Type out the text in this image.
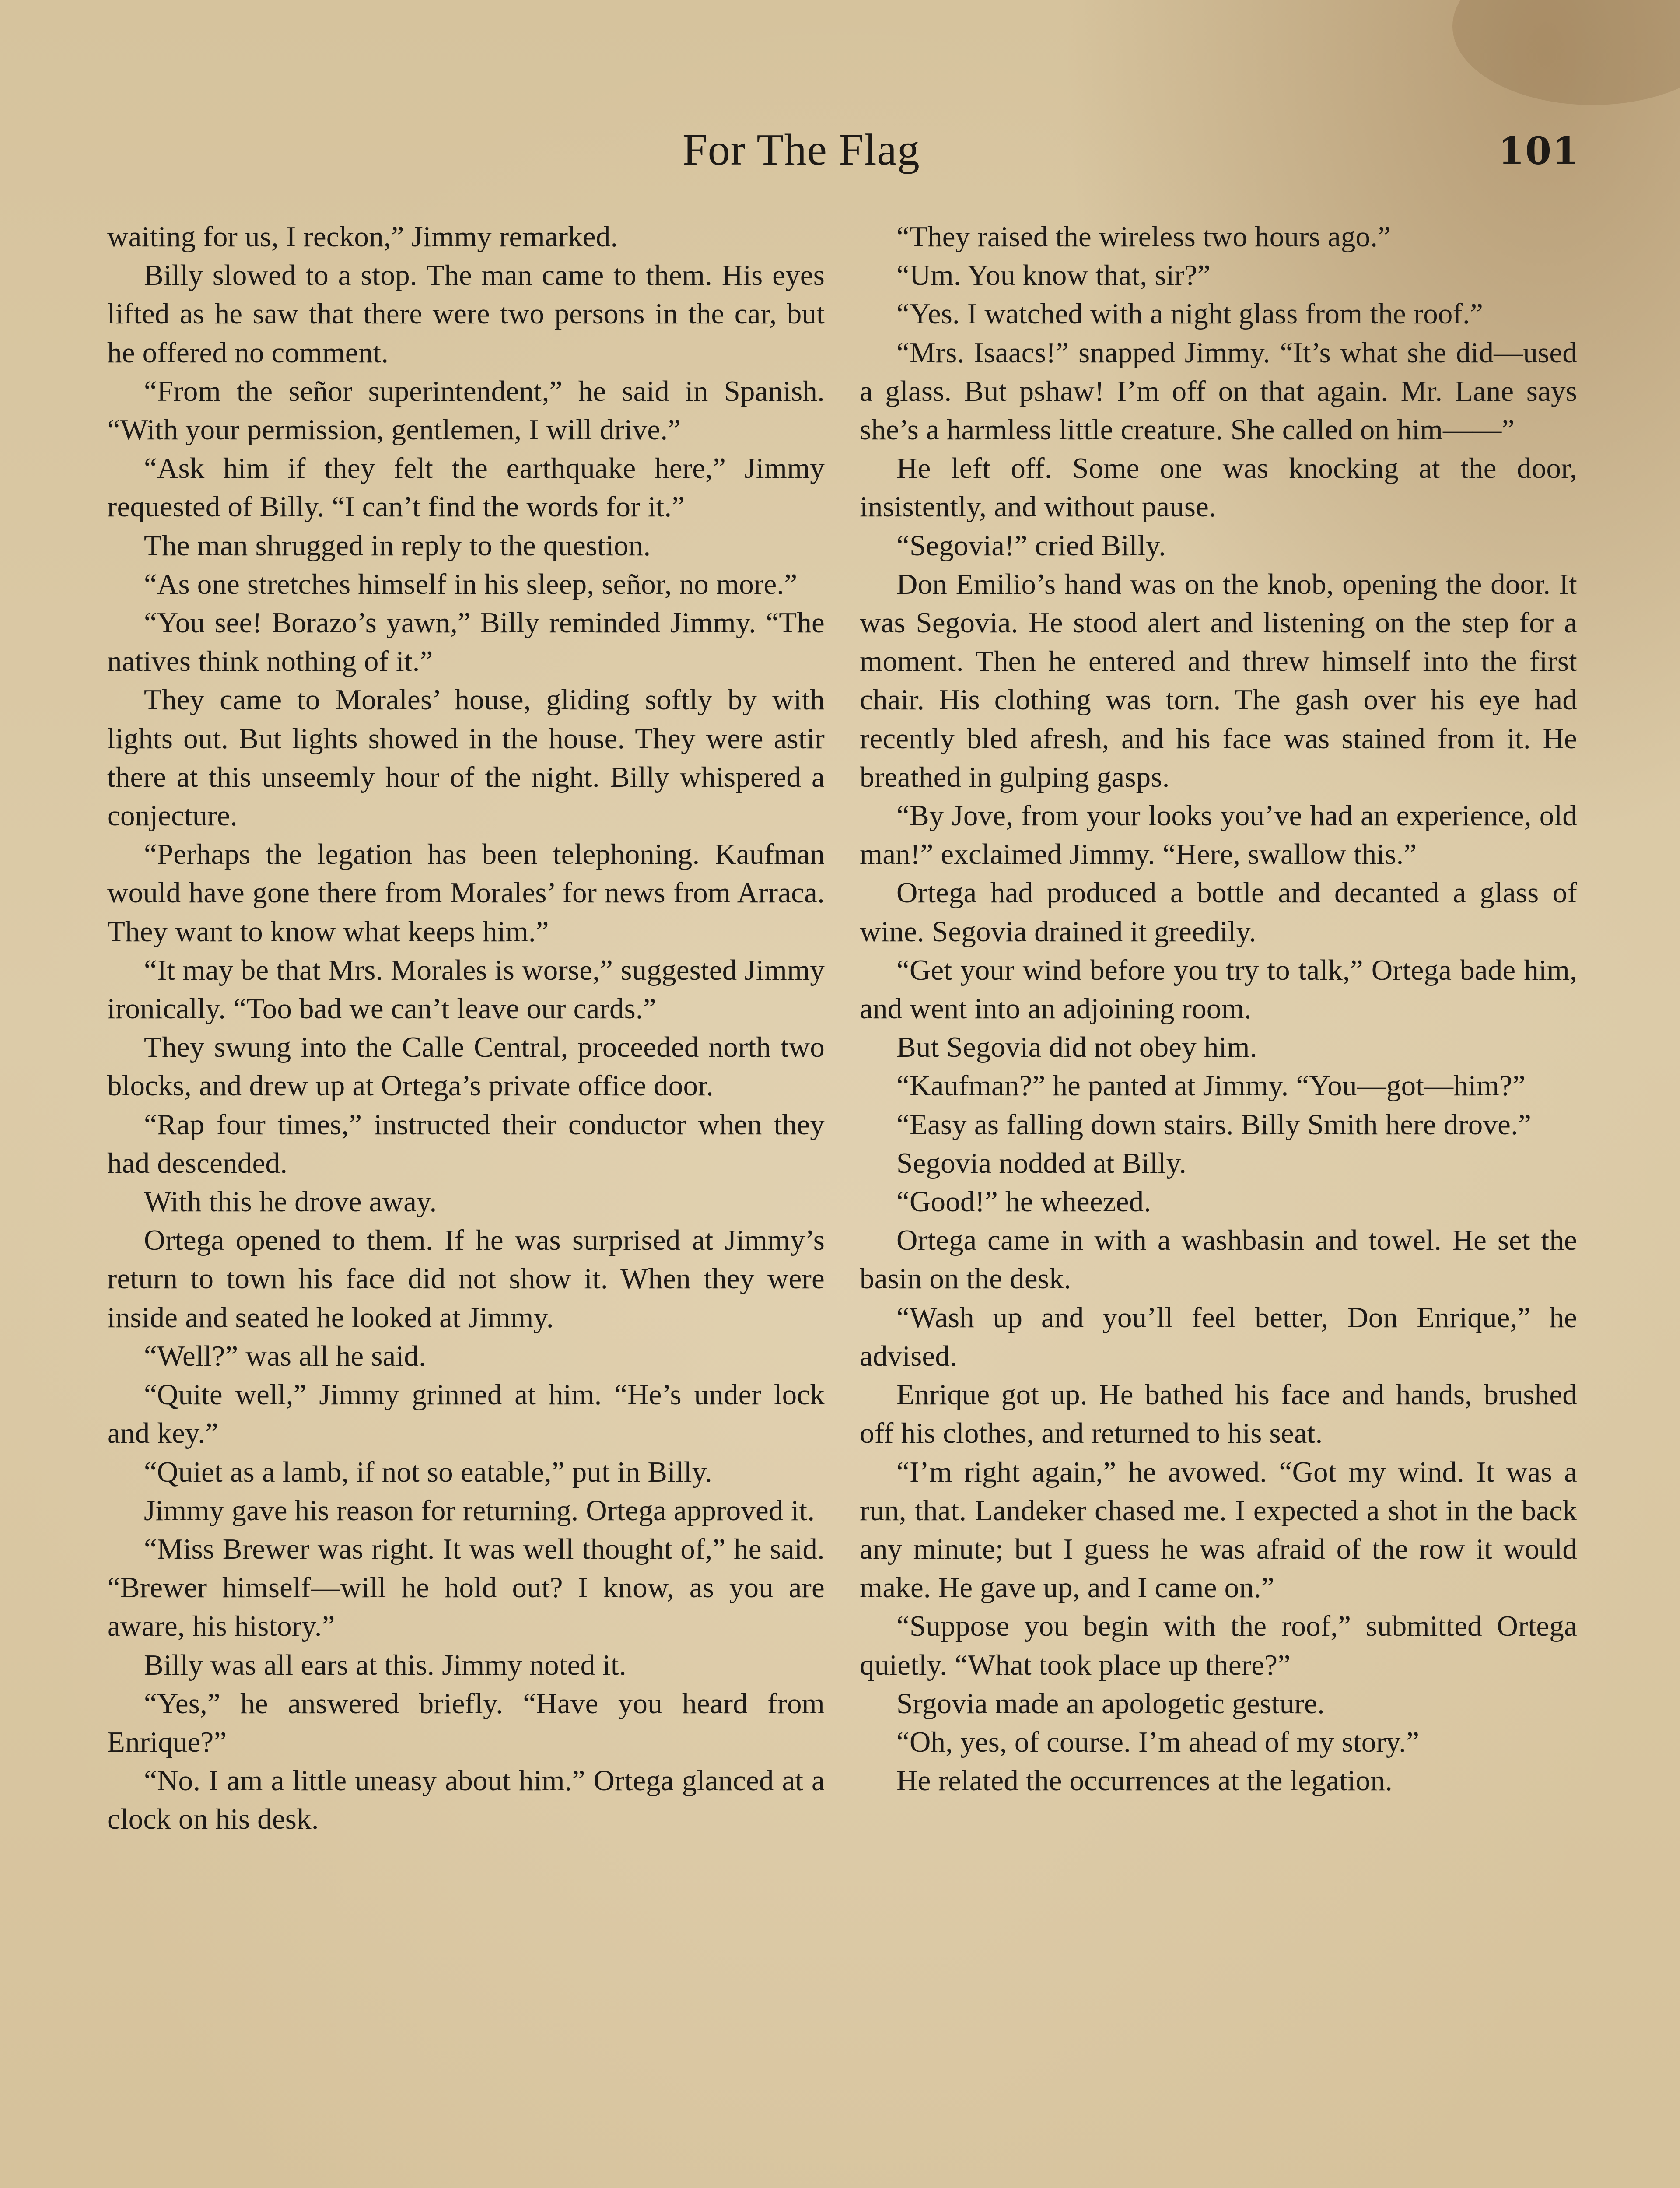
For The Flag	101

waiting for us, I reckon,” Jimmy remarked.

Billy slowed to a stop. The man came to them. His eyes lifted as he saw that there were two persons in the car, but he offered no comment.

“From the señor superintendent,” he said in Spanish. “With your permission, gentlemen, I will drive.”

“Ask him if they felt the earthquake here,” Jimmy requested of Billy. “I can’t find the words for it.”

The man shrugged in reply to the question.

“As one stretches himself in his sleep, señor, no more.”

“You see! Borazo’s yawn,” Billy reminded Jimmy. “The natives think nothing of it.”

They came to Morales’ house, gliding softly by with lights out. But lights showed in the house. They were astir there at this unseemly hour of the night. Billy whispered a conjecture.

“Perhaps the legation has been telephoning. Kaufman would have gone there from Morales’ for news from Arraca. They want to know what keeps him.”

“It may be that Mrs. Morales is worse,” suggested Jimmy ironically. “Too bad we can’t leave our cards.”

They swung into the Calle Central, proceeded north two blocks, and drew up at Ortega’s private office door.

“Rap four times,” instructed their conductor when they had descended.

With this he drove away.

Ortega opened to them. If he was surprised at Jimmy’s return to town his face did not show it. When they were inside and seated he looked at Jimmy.

“Well?” was all he said.

“Quite well,” Jimmy grinned at him. “He’s under lock and key.”

“Quiet as a lamb, if not so eatable,” put in Billy.

Jimmy gave his reason for returning. Ortega approved it.

“Miss Brewer was right. It was well thought of,” he said. “Brewer himself—will he hold out? I know, as you are aware, his history.”

Billy was all ears at this. Jimmy noted it.

“Yes,” he answered briefly. “Have you heard from Enrique?”

“No. I am a little uneasy about him.” Ortega glanced at a clock on his desk.

“They raised the wireless two hours ago.”

“Um. You know that, sir?”

“Yes. I watched with a night glass from the roof.”

“Mrs. Isaacs!” snapped Jimmy. “It’s what she did—used a glass. But pshaw! I’m off on that again. Mr. Lane says she’s a harmless little creature. She called on him——”

He left off. Some one was knocking at the door, insistently, and without pause.

“Segovia!” cried Billy.

Don Emilio’s hand was on the knob, opening the door. It was Segovia. He stood alert and listening on the step for a moment. Then he entered and threw himself into the first chair. His clothing was torn. The gash over his eye had recently bled afresh, and his face was stained from it. He breathed in gulping gasps.

“By Jove, from your looks you’ve had an experience, old man!” exclaimed Jimmy. “Here, swallow this.”

Ortega had produced a bottle and decanted a glass of wine. Segovia drained it greedily.

“Get your wind before you try to talk,” Ortega bade him, and went into an adjoining room.

But Segovia did not obey him.

“Kaufman?” he panted at Jimmy. “You—got—him?”

“Easy as falling down stairs. Billy Smith here drove.”

Segovia nodded at Billy.

“Good!” he wheezed.

Ortega came in with a washbasin and towel. He set the basin on the desk.

“Wash up and you’ll feel better, Don Enrique,” he advised.

Enrique got up. He bathed his face and hands, brushed off his clothes, and returned to his seat.

“I’m right again,” he avowed. “Got my wind. It was a run, that. Landeker chased me. I expected a shot in the back any minute; but I guess he was afraid of the row it would make. He gave up, and I came on.”

“Suppose you begin with the roof,” submitted Ortega quietly. “What took place up there?”

Srgovia made an apologetic gesture.

“Oh, yes, of course. I’m ahead of my story.”

He related the occurrences at the legation.
